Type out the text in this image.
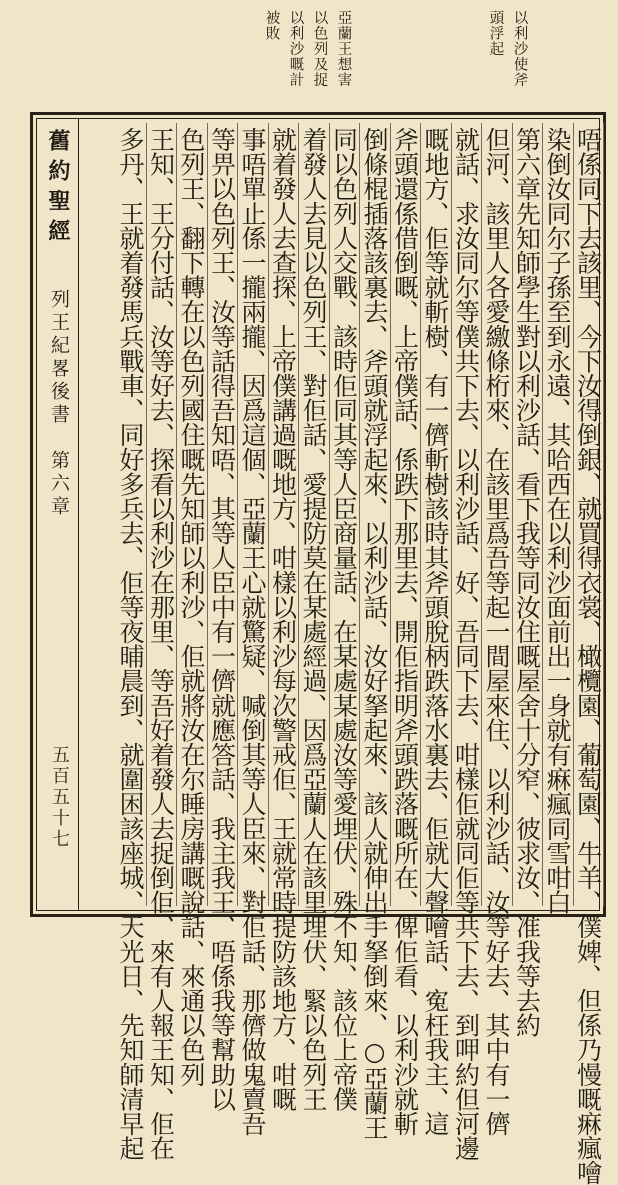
亞蘭王想害
以色列及捉
以利沙嘅計
被敗	以利沙使斧
頭浮起
舊約聖經
列王紀畧後書　第六章
五百五十七	唔係同下去該里、今下汝得倒銀、就買得衣裳、橄欖園、葡萄園、牛羊、僕婢、但係乃慢嘅痳瘋噲
染倒汝同尔子孫至到永遠、其哈西在以利沙面前出一身就有痳瘋同雪咁白
第六章先知師學生對以利沙話、看下我等同汝住嘅屋舍十分窄、彼求汝、准我等去約
但河、該里人各愛繳條桁來、在該里爲吾等起一間屋來住、以利沙話、汝等好去、其中有一儕
就話、求汝同尔等僕共下去、以利沙話、好、吾同下去、咁樣佢就同佢等共下去、到呷約但河邊
嘅地方、佢等就斬樹、有一儕斬樹該時其斧頭脫柄跌落水裏去、佢就大聲噲話、寃枉我主、這
斧頭還係借倒嘅、上帝僕話、係跌下那里去、開佢指明斧頭跌落嘅所在、俾佢看、以利沙就斬
倒條棍插落該裏去、斧頭就浮起來、以利沙話、汝好拏起來、該人就伸出手拏倒來、○亞蘭王
同以色列人交戰、該時佢同其等人臣商量話、在某處某處汝等愛埋伏、殊不知、該位上帝僕
着發人去見以色列王、對佢話、愛提防莫在某處經過、因爲亞蘭人在該里埋伏、緊以色列王
就着發人去查探、上帝僕講過嘅地方、咁樣以利沙每次警戒佢、王就常時提防該地方、咁嘅
事唔單止係一攏兩攏、因爲這個、亞蘭王心就驚疑、喊倒其等人臣來、對佢話、那儕做鬼賣吾
等畀以色列王、汝等話得吾知唔、其等人臣中有一儕就應答話、我主我王、唔係我等幫助以
色列王、翻下轉在以色列國住嘅先知師以利沙、佢就將汝在尔睡房講嘅說話、來通以色列
王知、王分付話、汝等好去、探看以利沙在那里、等吾好着發人去捉倒佢、來有人報王知、佢在
多丹、王就着發馬兵戰車、同好多兵去、佢等夜晡晨到、就圍困該座城、天光日、先知師清早起
